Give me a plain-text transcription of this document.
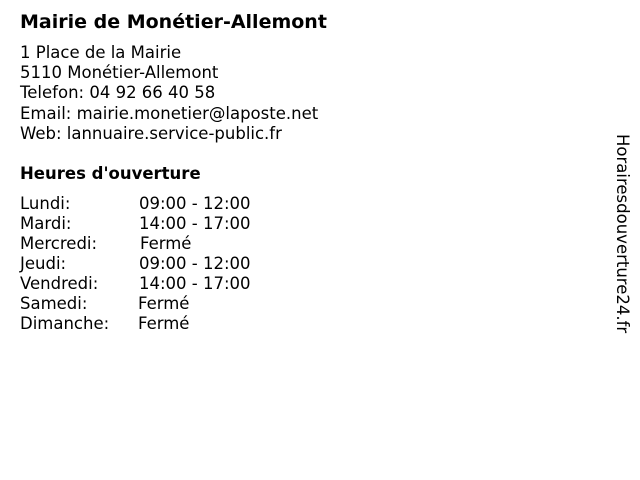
Mairie de Monétier-Allemont
1 Place de la Mairie
5110 Monétier-Allemont
Telefon: 04 92 66 40 58
Email: mairie.monetier@laposte.net
Web: lannuaire.service-public.fr
Heures d'ouverture
Lundi:	09:00 - 12:00
Mardi:	14:00 - 17:00
Mercredi:	Fermé
Jeudi:	09:00 - 12:00
Vendredi: 14:00 - 17:00
Samedi:	Fermé
Dimanche: Fermé	Horairesdouverture24.fr
